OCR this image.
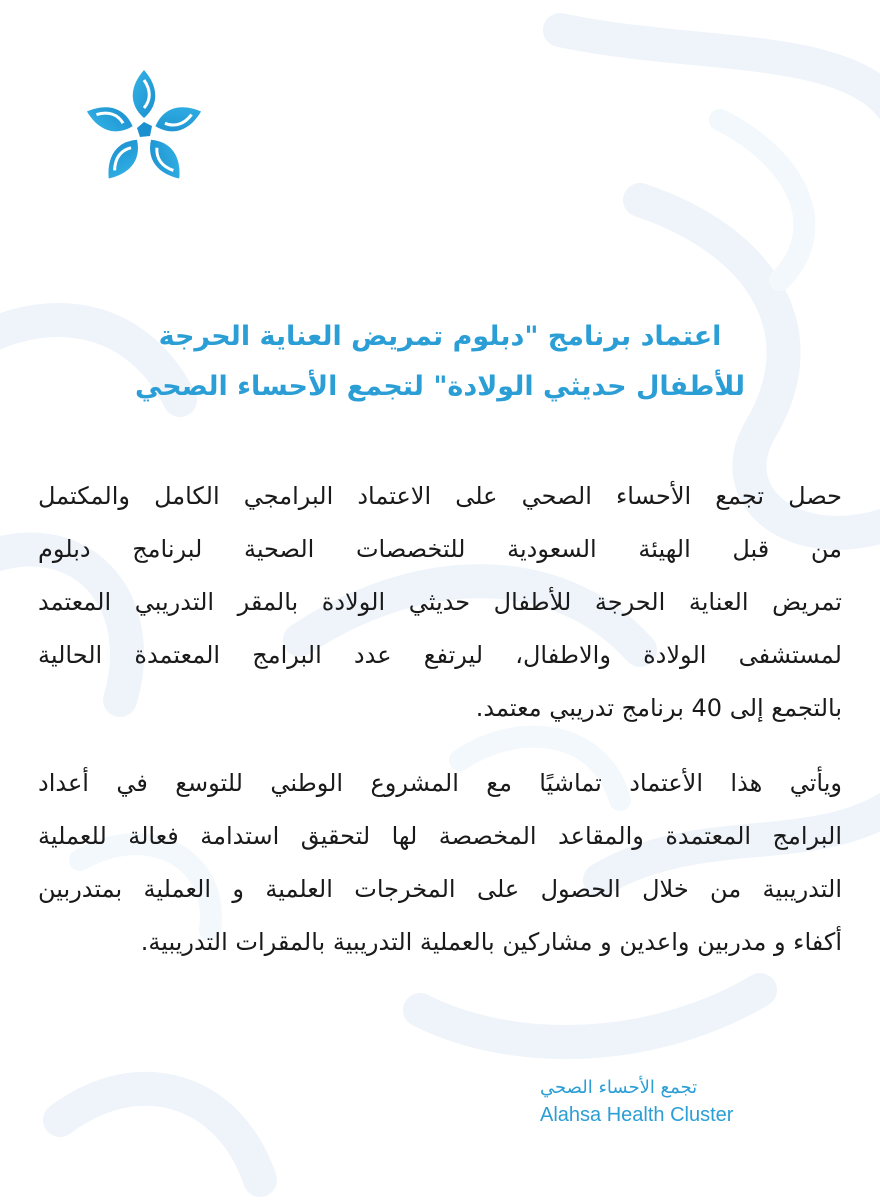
اعتماد برنامج "دبلوم تمريض العناية الحرجة
للأطفال حديثي الولادة" لتجمع الأحساء الصحي

حصل تجمع الأحساء الصحي على الاعتماد البرامجي الكامل والمكتمل
من قبل الهيئة السعودية للتخصصات الصحية لبرنامج دبلوم
تمريض العناية الحرجة للأطفال حديثي الولادة بالمقر التدريبي المعتمد
لمستشفى الولادة والاطفال، ليرتفع عدد البرامج المعتمدة الحالية
بالتجمع إلى 40 برنامج تدريبي معتمد.

ويأتي هذا الأعتماد تماشيًا مع المشروع الوطني للتوسع في أعداد
البرامج المعتمدة والمقاعد المخصصة لها لتحقيق استدامة فعالة للعملية
التدريبية من خلال الحصول على المخرجات العلمية و العملية بمتدربين
أكفاء و مدربين واعدين و مشاركين بالعملية التدريبية بالمقرات التدريبية.

تجمع الأحساء الصحي
Alahsa Health Cluster
